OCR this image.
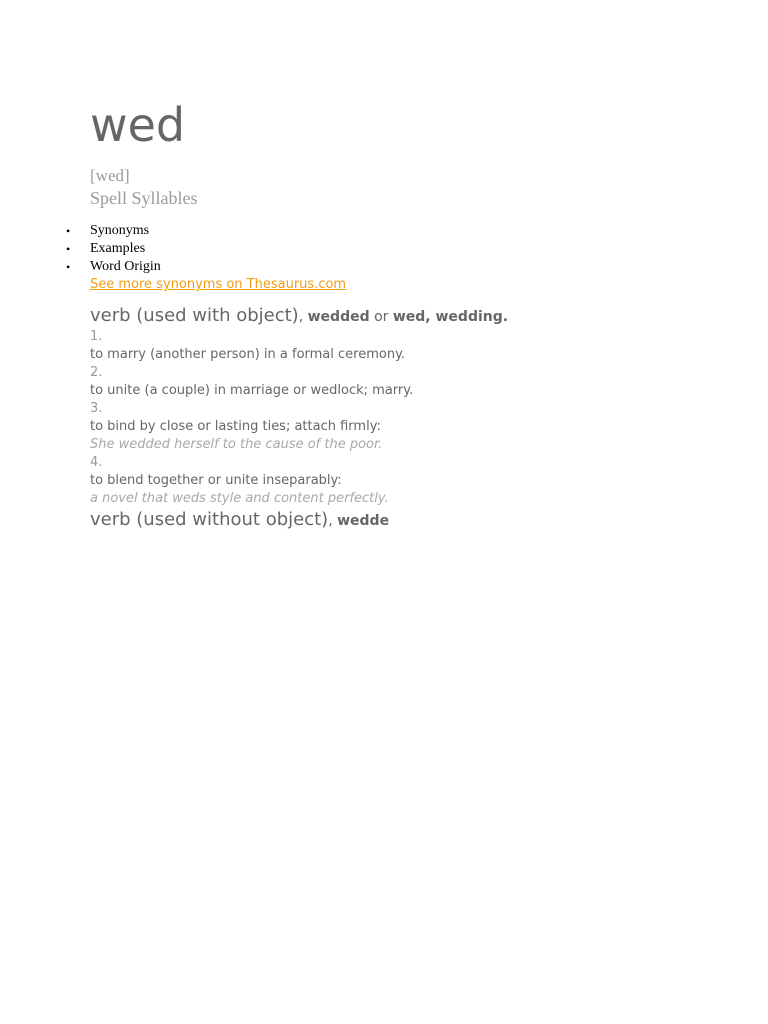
wed
[wed]
Spell Syllables
• Synonyms
• Examples
• Word Origin
See more synonyms on Thesaurus.com
verb (used with object), wedded or wed, wedding.
1.
to marry (another person) in a formal ceremony.
2.
to unite (a couple) in marriage or wedlock; marry.
3.
to bind by close or lasting ties; attach firmly:
She wedded herself to the cause of the poor.
4.
to blend together or unite inseparably:
a novel that weds style and content perfectly.
verb (used without object), wedde
